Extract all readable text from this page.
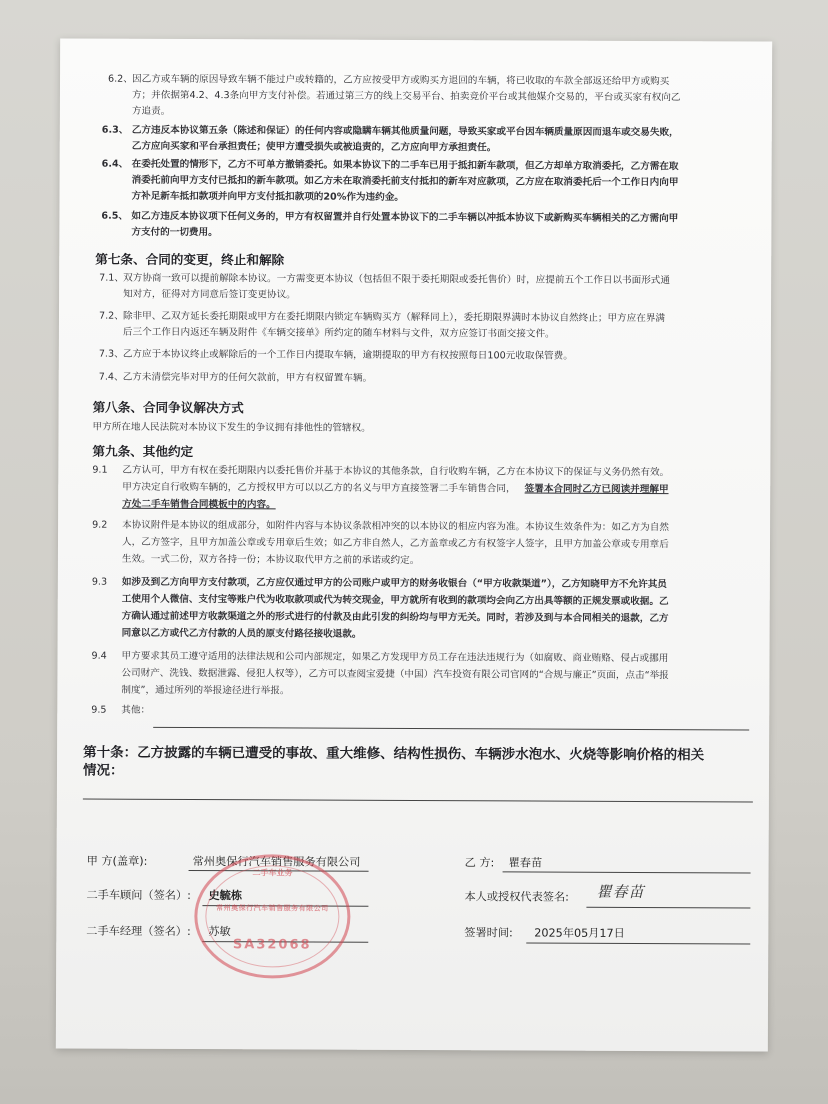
6.2、 因乙方或车辆的原因导致车辆不能过户或转籍的，乙方应按受甲方或购买方退回的车辆，将已收取的车款全部返还给甲方或购买
方；并依据第4.2、4.3条向甲方支付补偿。若通过第三方的线上交易平台、拍卖竞价平台或其他媒介交易的，平台或买家有权向乙
方追责。
6.3、 乙方违反本协议第五条（陈述和保证）的任何内容或隐瞒车辆其他质量问题，导致买家或平台因车辆质量原因而退车或交易失败，
乙方应向买家和平台承担责任；使甲方遭受损失或被追责的，乙方应向甲方承担责任。
6.4、 在委托处置的情形下，乙方不可单方撤销委托。如果本协议下的二手车已用于抵扣新车款项，但乙方却单方取消委托，乙方需在取
消委托前向甲方支付已抵扣的新车款项。如乙方未在取消委托前支付抵扣的新车对应款项，乙方应在取消委托后一个工作日内向甲
方补足新车抵扣款项并向甲方支付抵扣款项的20%作为违约金。
6.5、 如乙方违反本协议项下任何义务的，甲方有权留置并自行处置本协议下的二手车辆以冲抵本协议下或新购买车辆相关的乙方需向甲
方支付的一切费用。
第七条、合同的变更，终止和解除
7.1、 双方协商一致可以提前解除本协议。一方需变更本协议（包括但不限于委托期限或委托售价）时，应提前五个工作日以书面形式通
知对方，征得对方同意后签订变更协议。
7.2、 除非甲、乙双方延长委托期限或甲方在委托期限内锁定车辆购买方（解释同上），委托期限界满时本协议自然终止；甲方应在界满
后三个工作日内返还车辆及附件《车辆交接单》所约定的随车材料与文件，双方应签订书面交接文件。
7.3、 乙方应于本协议终止或解除后的一个工作日内提取车辆，逾期提取的甲方有权按照每日100元收取保管费。
7.4、 乙方未清偿完毕对甲方的任何欠款前，甲方有权留置车辆。
第八条、合同争议解决方式
甲方所在地人民法院对本协议下发生的争议拥有排他性的管辖权。
第九条、其他约定
9.1 乙方认可，甲方有权在委托期限内以委托售价并基于本协议的其他条款，自行收购车辆，乙方在本协议下的保证与义务仍然有效。
甲方决定自行收购车辆的，乙方授权甲方可以以乙方的名义与甲方直接签署二手车销售合同， 签署本合同时乙方已阅读并理解甲
方处二手车销售合同模板中的内容。
9.2 本协议附件是本协议的组成部分，如附件内容与本协议条款相冲突的以本协议的相应内容为准。本协议生效条件为：如乙方为自然
人，乙方签字，且甲方加盖公章或专用章后生效；如乙方非自然人，乙方盖章或乙方有权签字人签字，且甲方加盖公章或专用章后
生效。一式二份，双方各持一份；本协议取代甲方之前的承诺或约定。
9.3 如涉及到乙方向甲方支付款项，乙方应仅通过甲方的公司账户或甲方的财务收银台（“甲方收款渠道”），乙方知晓甲方不允许其员
工使用个人微信、支付宝等账户代为收取款项或代为转交现金，甲方就所有收到的款项均会向乙方出具等额的正规发票或收据。乙
方确认通过前述甲方收款渠道之外的形式进行的付款及由此引发的纠纷均与甲方无关。同时，若涉及到与本合同相关的退款，乙方
同意以乙方或代乙方付款的人员的原支付路径接收退款。
9.4 甲方要求其员工遵守适用的法律法规和公司内部规定，如果乙方发现甲方员工存在违法违规行为（如腐败、商业贿赂、侵占或挪用
公司财产、洗钱、数据泄露、侵犯人权等），乙方可以查阅宝爱捷（中国）汽车投资有限公司官网的“合规与廉正”页面，点击“举报
制度”，通过所列的举报途径进行举报。
9.5 其他：
第十条：乙方披露的车辆已遭受的事故、重大维修、结构性损伤、车辆涉水泡水、火烧等影响价格的相关
情况：
甲 方(盖章):	常州奥保行汽车销售服务有限公司
二手车顾问（签名）: 史毓栋
二手车经理（签名）: 苏敏
乙 方: 瞿春苗
本人或授权代表签名: 瞿春苗
签署时间: 2025年05月17日
二手车业务
常州奥保行汽车销售服务有限公司
SA32068
